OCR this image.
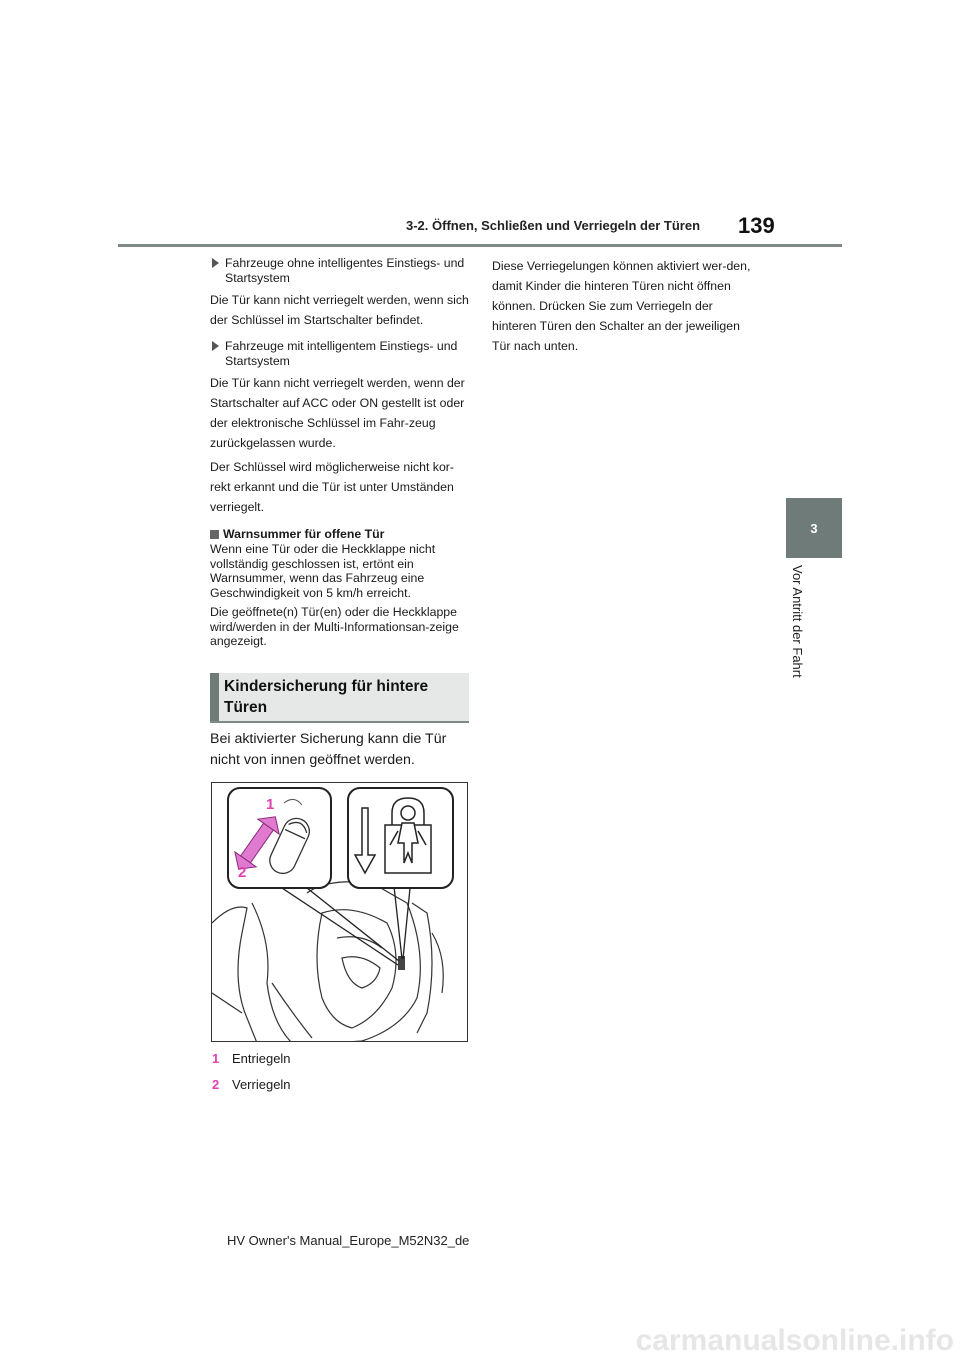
3-2. Öffnen, Schließen und Verriegeln der Türen 139
3
Vor Antritt der Fahrt
Fahrzeuge ohne intelligentes Einstiegs- und Startsystem
Die Tür kann nicht verriegelt werden, wenn sich der Schlüssel im Startschalter befindet.
Fahrzeuge mit intelligentem Einstiegs- und Startsystem
Die Tür kann nicht verriegelt werden, wenn der Startschalter auf ACC oder ON gestellt ist oder der elektronische Schlüssel im Fahr-zeug zurückgelassen wurde.
Der Schlüssel wird möglicherweise nicht kor-rekt erkannt und die Tür ist unter Umständen verriegelt.
Warnsummer für offene Tür
Wenn eine Tür oder die Heckklappe nicht vollständig geschlossen ist, ertönt ein Warnsummer, wenn das Fahrzeug eine Geschwindigkeit von 5 km/h erreicht.
Die geöffnete(n) Tür(en) oder die Heckklappe wird/werden in der Multi-Informationsan-zeige angezeigt.
Kindersicherung für hintere
Türen
Bei aktivierter Sicherung kann die Tür nicht von innen geöffnet werden.
1
2
1 Entriegeln
2 Verriegeln
Diese Verriegelungen können aktiviert wer-den, damit Kinder die hinteren Türen nicht öffnen können. Drücken Sie zum Verriegeln der hinteren Türen den Schalter an der jeweiligen Tür nach unten.
HV Owner's Manual_Europe_M52N32_de
carmanualsonline.info
